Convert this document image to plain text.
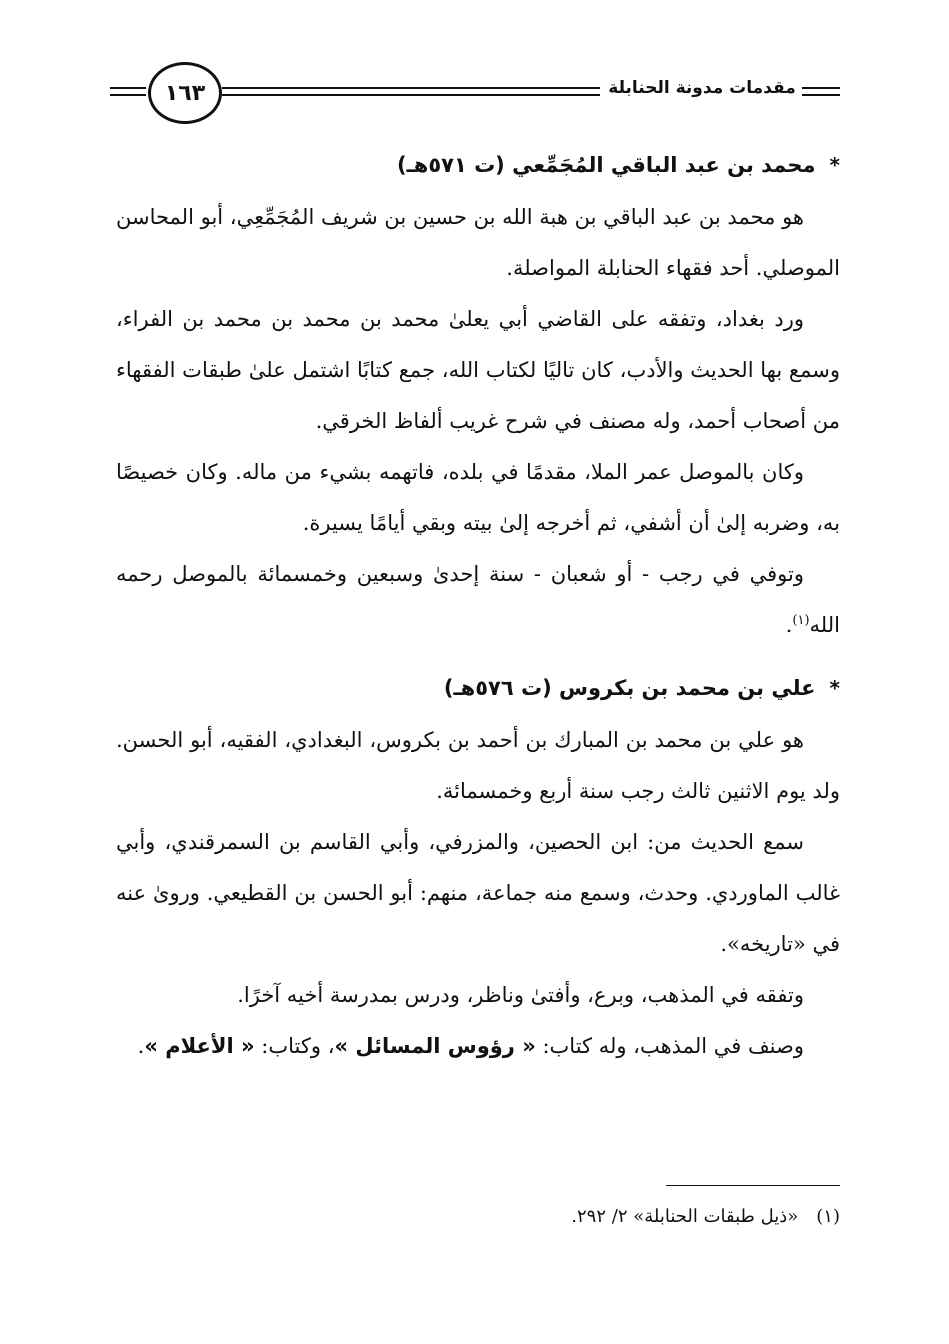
١٦٣	مقدمات مدونة الحنابلة
*محمد بن عبد الباقي المُجَمِّعي (ت ٥٧١هـ)

هو محمد بن عبد الباقي بن هبة الله بن حسين بن شريف المُجَمِّعِي، أبو المحاسن الموصلي. أحد فقهاء الحنابلة المواصلة.

ورد بغداد، وتفقه على القاضي أبي يعلىٰ محمد بن محمد بن محمد بن الفراء، وسمع بها الحديث والأدب، كان تاليًا لكتاب الله، جمع كتابًا اشتمل علىٰ طبقات الفقهاء من أصحاب أحمد، وله مصنف في شرح غريب ألفاظ الخرقي.

وكان بالموصل عمر الملا، مقدمًا في بلده، فاتهمه بشيء من ماله. وكان خصيصًا به، وضربه إلىٰ أن أشفي، ثم أخرجه إلىٰ بيته وبقي أيامًا يسيرة.

وتوفي في رجب - أو شعبان - سنة إحدىٰ وسبعين وخمسمائة بالموصل رحمه الله$^{(١)}$.

*علي بن محمد بن بكروس (ت ٥٧٦هـ)

هو علي بن محمد بن المبارك بن أحمد بن بكروس، البغدادي، الفقيه، أبو الحسن. ولد يوم الاثنين ثالث رجب سنة أربع وخمسمائة.

سمع الحديث من: ابن الحصين، والمزرفي، وأبي القاسم بن السمرقندي، وأبي غالب الماوردي. وحدث، وسمع منه جماعة، منهم: أبو الحسن بن القطيعي. وروىٰ عنه في «تاريخه».

وتفقه في المذهب، وبرع، وأفتىٰ وناظر، ودرس بمدرسة أخيه آخرًا.

وصنف في المذهب، وله كتاب: « رؤوس المسائل »، وكتاب: « الأعلام ».

(١)«ذيل طبقات الحنابلة» ٢/ ٢٩٢.
